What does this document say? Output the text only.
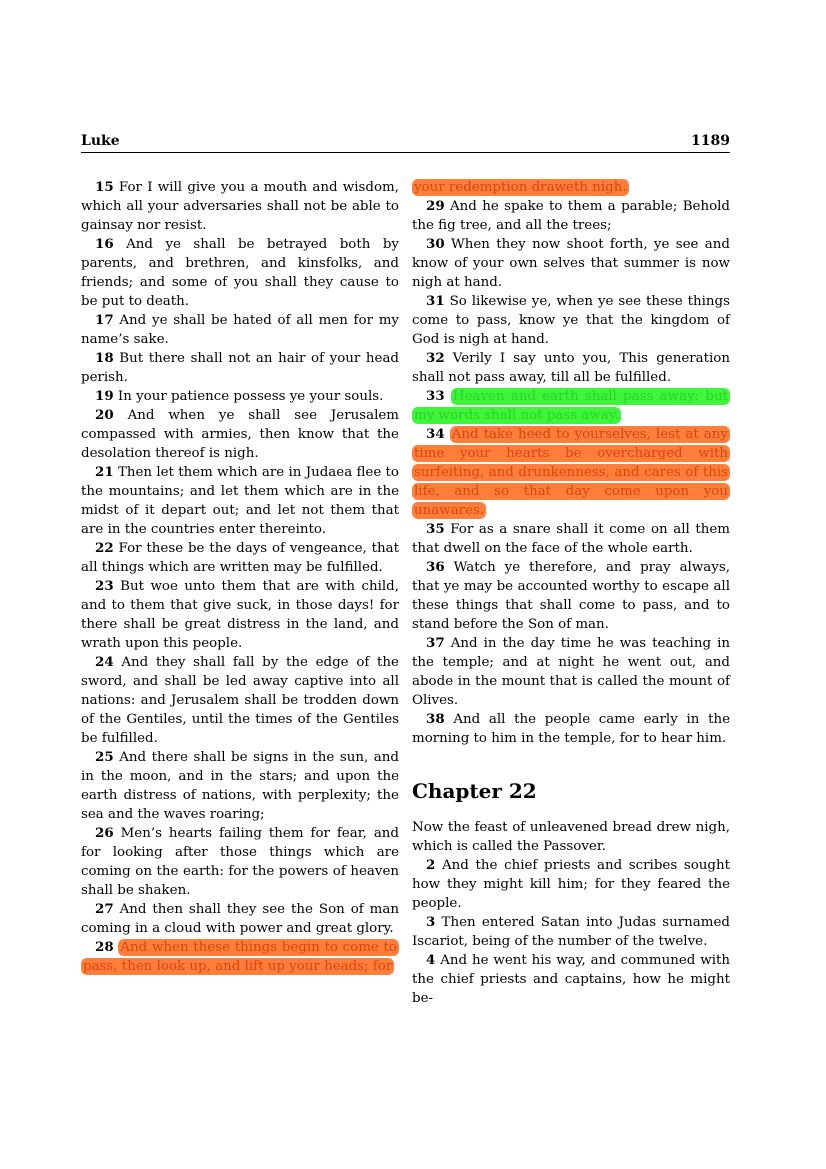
Luke	1189

15 For I will give you a mouth and wisdom, which all your adversaries shall not be able to gainsay nor resist.

16 And ye shall be betrayed both by parents, and brethren, and kinsfolks, and friends; and some of you shall they cause to be put to death.

17 And ye shall be hated of all men for my name’s sake.

18 But there shall not an hair of your head perish.

19 In your patience possess ye your souls.

20 And when ye shall see Jerusalem compassed with armies, then know that the desolation thereof is nigh.

21 Then let them which are in Judaea flee to the mountains; and let them which are in the midst of it depart out; and let not them that are in the countries enter thereinto.

22 For these be the days of vengeance, that all things which are written may be fulfilled.

23 But woe unto them that are with child, and to them that give suck, in those days! for there shall be great distress in the land, and wrath upon this people.

24 And they shall fall by the edge of the sword, and shall be led away captive into all nations: and Jerusalem shall be trodden down of the Gentiles, until the times of the Gentiles be fulfilled.

25 And there shall be signs in the sun, and in the moon, and in the stars; and upon the earth distress of nations, with perplexity; the sea and the waves roaring;

26 Men’s hearts failing them for fear, and for looking after those things which are coming on the earth: for the powers of heaven shall be shaken.

27 And then shall they see the Son of man coming in a cloud with power and great glory.

28 And when these things begin to come to pass, then look up, and lift up your heads; for

your redemption draweth nigh.

29 And he spake to them a parable; Behold the fig tree, and all the trees;

30 When they now shoot forth, ye see and know of your own selves that summer is now nigh at hand.

31 So likewise ye, when ye see these things come to pass, know ye that the kingdom of God is nigh at hand.

32 Verily I say unto you, This generation shall not pass away, till all be fulfilled.

33 Heaven and earth shall pass away: but my words shall not pass away.

34 And take heed to yourselves, lest at any time your hearts be overcharged with surfeiting, and drunkenness, and cares of this life, and so that day come upon you unawares.

35 For as a snare shall it come on all them that dwell on the face of the whole earth.

36 Watch ye therefore, and pray always, that ye may be accounted worthy to escape all these things that shall come to pass, and to stand before the Son of man.

37 And in the day time he was teaching in the temple; and at night he went out, and abode in the mount that is called the mount of Olives.

38 And all the people came early in the morning to him in the temple, for to hear him.

Chapter 22

Now the feast of unleavened bread drew nigh, which is called the Passover.

2 And the chief priests and scribes sought how they might kill him; for they feared the people.

3 Then entered Satan into Judas surnamed Iscariot, being of the number of the twelve.

4 And he went his way, and communed with the chief priests and captains, how he might be-
